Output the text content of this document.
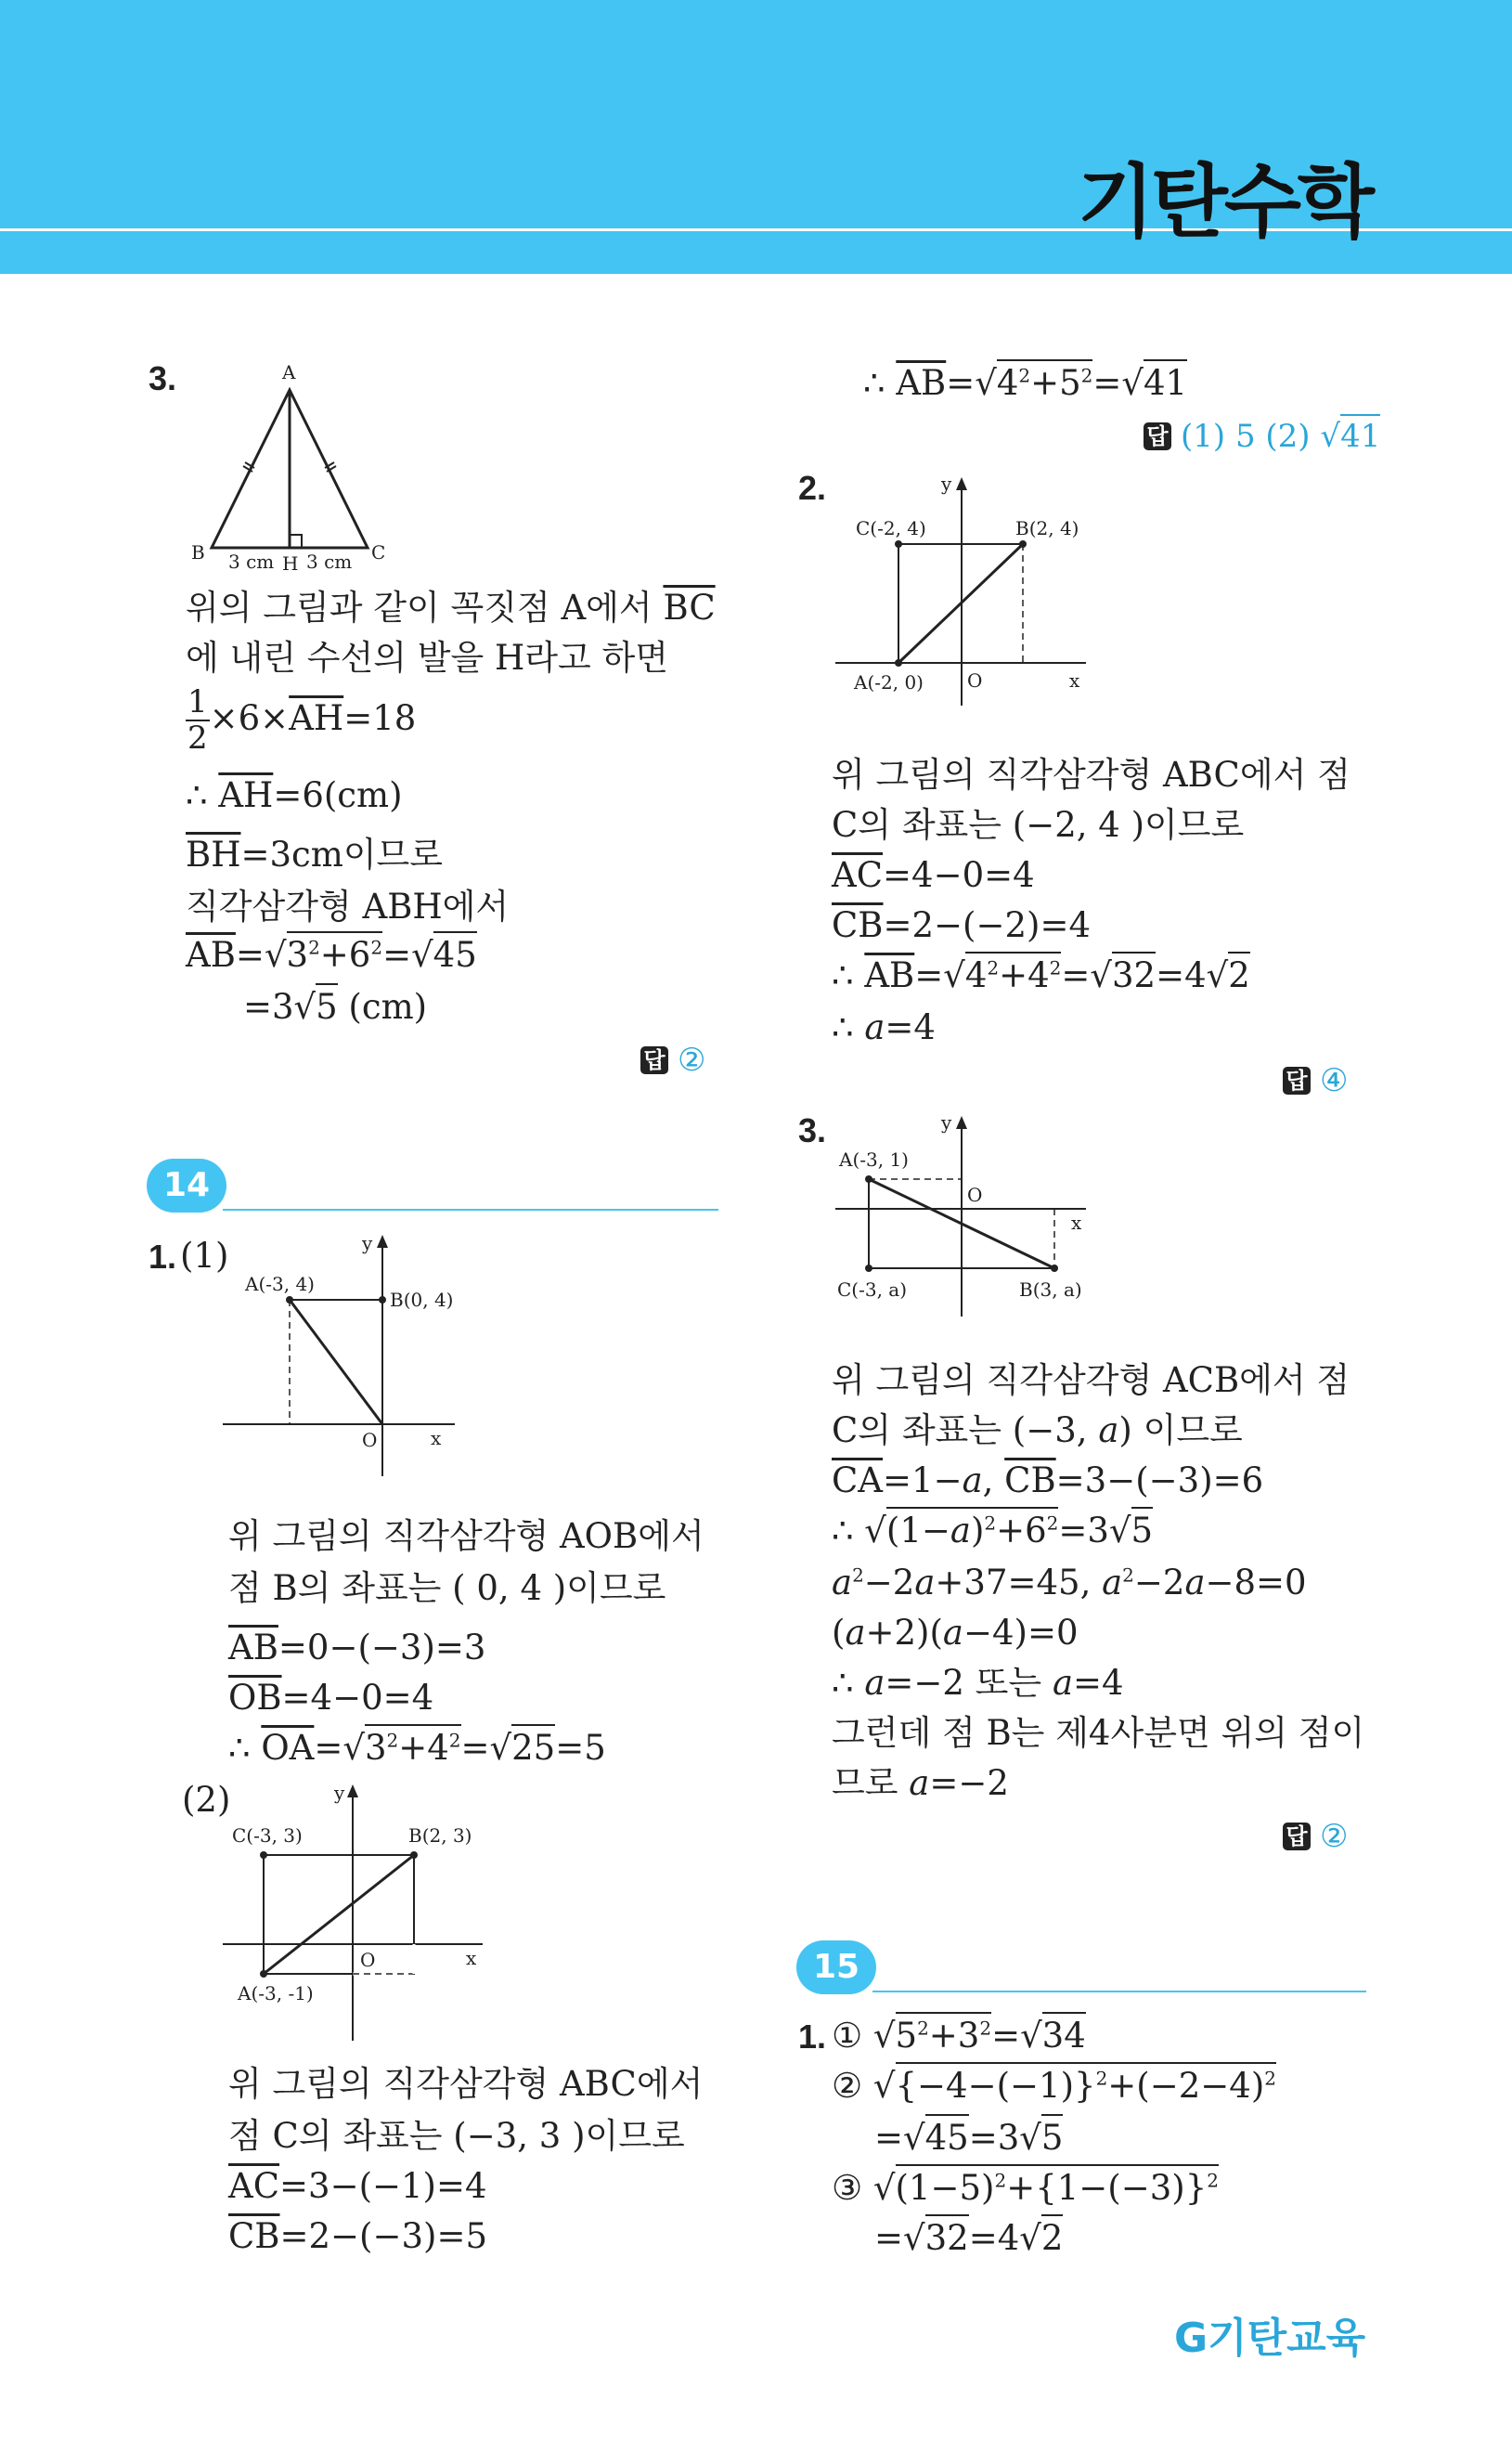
기탄수학
3.	A
B	C
H
3 cm 3 cm
위의 그림과 같이 꼭짓점 A에서 $\overline{BC}$
에 내린 수선의 발을 H라고 하면
$\frac{1}{2} \times 6\times\overline{AH}=18$
∴ $\overline{AH}=6(cm)$
$\overline{BH}=3cm$이므로
직각삼각형 ABH에서
$\overline{AB}=√3^2+6^2=√45$
=3√5 (cm)
답 ②
14
1. (1)	y
A(-3, 4)
B(0, 4)
O	x
위 그림의 직각삼각형 AOB에서
점 B의 좌표는 ( 0, 4 )이므로
$\overline{AB}=0-(-3)=3$
$\overline{OB}=4-0=4$
∴ $\overline{OA}=√3^2+4^2=√25=5$
(2)	y
C(-3, 3)	B(2, 3)
O	x
A(-3, -1)
위 그림의 직각삼각형 ABC에서
점 C의 좌표는 (−3, 3 )이므로
$\overline{AC}=3-(-1)=4$
$\overline{CB}=2-(-3)=5$
∴ $\overline{AB}=√4^2+5^2=√41$
답 (1) 5 (2) √41
2.	y
C(-2, 4)	B(2, 4)
A(-2, 0) O	x
위 그림의 직각삼각형 ABC에서 점
C의 좌표는 (−2, 4 )이므로
$\overline{AC}=4-0=4$
$\overline{CB}=2-(-2)=4$
∴ $\overline{AB}=√4^2+4^2=√32=4√2$
∴ a=4
답 ④
3.	y
A(-3, 1)
O
x
C(-3, a)	B(3, a)
위 그림의 직각삼각형 ACB에서 점
C의 좌표는 (−3, a) 이므로
$\overline{CA}=1-a$, $\overline{CB}=3-(-3)=6$
∴ $√(1-a)^2+6^2=3√5$
$a^2-2a+37=45$, $a^2-2a-8=0$
(a+2)(a−4)=0
∴ a=−2 또는 a=4
그런데 점 B는 제4사분면 위의 점이
므로 a=−2
답 ②
15
1. ① $√5^2+3^2=√34$
② $√\{-4-(-1)\}^2+(-2-4)^2$
=√45=3√5
③ $√(1-5)^2+\{1-(-3)\}^2$
=√32=4√2
G기탄교육
